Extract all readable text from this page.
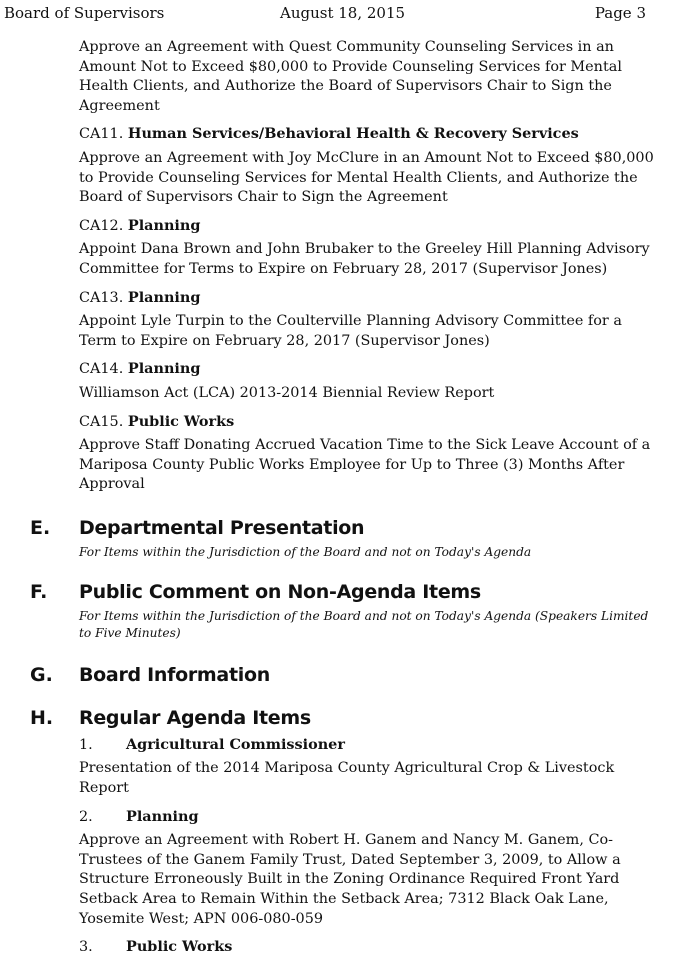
Board of Supervisors	August 18, 2015	Page 3
Approve an Agreement with Quest Community Counseling Services in an Amount Not to Exceed $80,000 to Provide Counseling Services for Mental Health Clients, and Authorize the Board of Supervisors Chair to Sign the Agreement
CA11. Human Services/Behavioral Health & Recovery Services
Approve an Agreement with Joy McClure in an Amount Not to Exceed $80,000 to Provide Counseling Services for Mental Health Clients, and Authorize the Board of Supervisors Chair to Sign the Agreement
CA12. Planning
Appoint Dana Brown and John Brubaker to the Greeley Hill Planning Advisory Committee for Terms to Expire on February 28, 2017 (Supervisor Jones)
CA13. Planning
Appoint Lyle Turpin to the Coulterville Planning Advisory Committee for a Term to Expire on February 28, 2017 (Supervisor Jones)
CA14. Planning
Williamson Act (LCA) 2013-2014 Biennial Review Report
CA15. Public Works
Approve Staff Donating Accrued Vacation Time to the Sick Leave Account of a Mariposa County Public Works Employee for Up to Three (3) Months After Approval
E. Departmental Presentation
For Items within the Jurisdiction of the Board and not on Today's Agenda
F. Public Comment on Non-Agenda Items
For Items within the Jurisdiction of the Board and not on Today's Agenda (Speakers Limited to Five Minutes)
G. Board Information
H. Regular Agenda Items
1. Agricultural Commissioner
Presentation of the 2014 Mariposa County Agricultural Crop & Livestock Report
2. Planning
Approve an Agreement with Robert H. Ganem and Nancy M. Ganem, Co-Trustees of the Ganem Family Trust, Dated September 3, 2009, to Allow a Structure Erroneously Built in the Zoning Ordinance Required Front Yard Setback Area to Remain Within the Setback Area; 7312 Black Oak Lane, Yosemite West; APN 006-080-059
3. Public Works
